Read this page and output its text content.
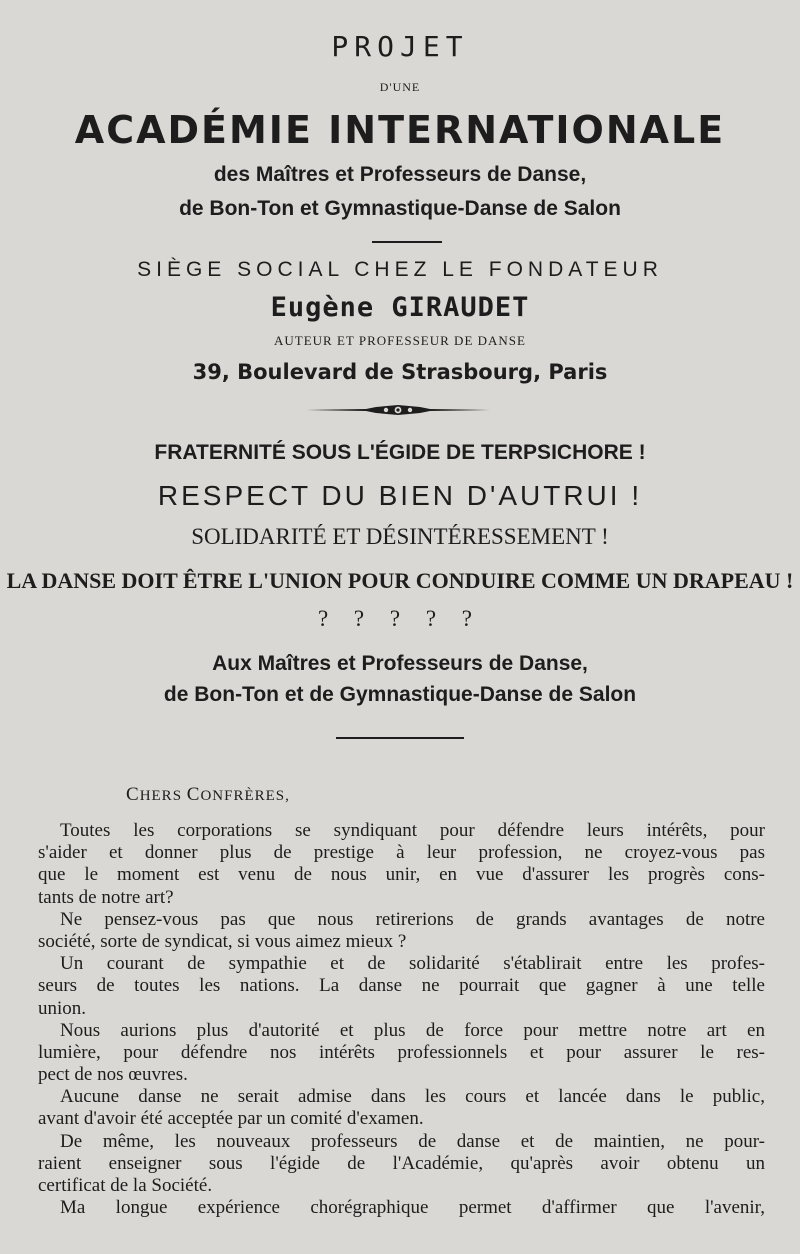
PROJET
D'UNE
ACADÉMIE INTERNATIONALE
des Maîtres et Professeurs de Danse,
de Bon-Ton et Gymnastique-Danse de Salon
SIÈGE SOCIAL CHEZ LE FONDATEUR
Eugène GIRAUDET
AUTEUR ET PROFESSEUR DE DANSE
39, Boulevard de Strasbourg, Paris
FRATERNITÉ SOUS L'ÉGIDE DE TERPSICHORE !
RESPECT DU BIEN D'AUTRUI !
SOLIDARITÉ ET DÉSINTÉRESSEMENT !
LA DANSE DOIT ÊTRE L'UNION POUR CONDUIRE COMME UN DRAPEAU !
? ? ? ? ?
Aux Maîtres et Professeurs de Danse,
de Bon-Ton et de Gymnastique-Danse de Salon
CHERS CONFRÈRES,
Toutes les corporations se syndiquant pour défendre leurs intérêts, pour
s'aider et donner plus de prestige à leur profession, ne croyez-vous pas
que le moment est venu de nous unir, en vue d'assurer les progrès cons-
tants de notre art?
Ne pensez-vous pas que nous retirerions de grands avantages de notre
société, sorte de syndicat, si vous aimez mieux ?
Un courant de sympathie et de solidarité s'établirait entre les profes-
seurs de toutes les nations. La danse ne pourrait que gagner à une telle
union.
Nous aurions plus d'autorité et plus de force pour mettre notre art en
lumière, pour défendre nos intérêts professionnels et pour assurer le res-
pect de nos œuvres.
Aucune danse ne serait admise dans les cours et lancée dans le public,
avant d'avoir été acceptée par un comité d'examen.
De même, les nouveaux professeurs de danse et de maintien, ne pour-
raient enseigner sous l'égide de l'Académie, qu'après avoir obtenu un
certificat de la Société.
Ma longue expérience chorégraphique permet d'affirmer que l'avenir,
